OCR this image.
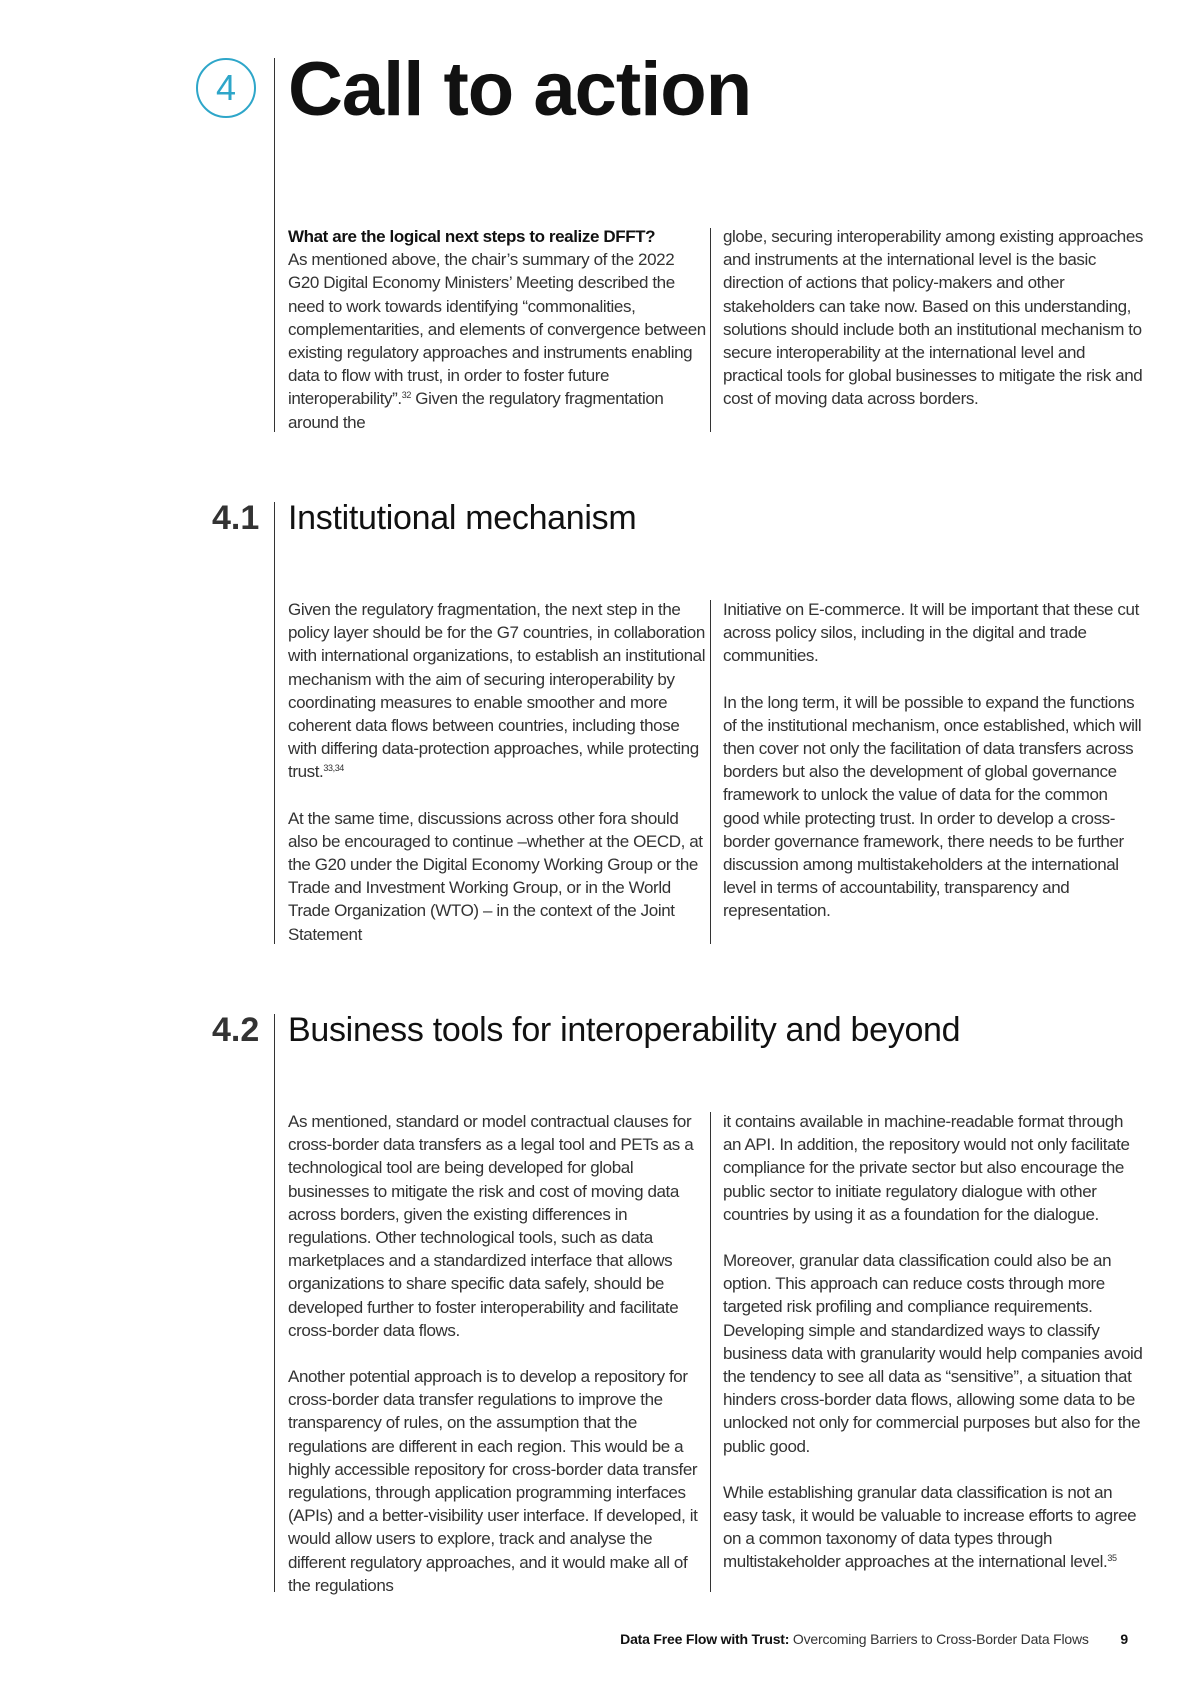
4 Call to action

What are the logical next steps to realize DFFT?
As mentioned above, the chair’s summary of the 2022 G20 Digital Economy Ministers’ Meeting described the need to work towards identifying “commonalities, complementarities, and elements of convergence between existing regulatory approaches and instruments enabling data to flow with trust, in order to foster future interoperability”.$^{32}$ Given the regulatory fragmentation around the

globe, securing interoperability among existing approaches and instruments at the international level is the basic direction of actions that policy-makers and other stakeholders can take now. Based on this understanding, solutions should include both an institutional mechanism to secure interoperability at the international level and practical tools for global businesses to mitigate the risk and cost of moving data across borders.

4.1 Institutional mechanism

Given the regulatory fragmentation, the next step in the policy layer should be for the G7 countries, in collaboration with international organizations, to establish an institutional mechanism with the aim of securing interoperability by coordinating measures to enable smoother and more coherent data flows between countries, including those with differing data-protection approaches, while protecting trust.$^{33,34}$

At the same time, discussions across other fora should also be encouraged to continue –whether at the OECD, at the G20 under the Digital Economy Working Group or the Trade and Investment Working Group, or in the World Trade Organization (WTO) – in the context of the Joint Statement

Initiative on E-commerce. It will be important that these cut across policy silos, including in the digital and trade communities.

In the long term, it will be possible to expand the functions of the institutional mechanism, once established, which will then cover not only the facilitation of data transfers across borders but also the development of global governance framework to unlock the value of data for the common good while protecting trust. In order to develop a cross-border governance framework, there needs to be further discussion among multistakeholders at the international level in terms of accountability, transparency and representation.

4.2 Business tools for interoperability and beyond

As mentioned, standard or model contractual clauses for cross-border data transfers as a legal tool and PETs as a technological tool are being developed for global businesses to mitigate the risk and cost of moving data across borders, given the existing differences in regulations. Other technological tools, such as data marketplaces and a standardized interface that allows organizations to share specific data safely, should be developed further to foster interoperability and facilitate cross-border data flows.

Another potential approach is to develop a repository for cross-border data transfer regulations to improve the transparency of rules, on the assumption that the regulations are different in each region. This would be a highly accessible repository for cross-border data transfer regulations, through application programming interfaces (APIs) and a better-visibility user interface. If developed, it would allow users to explore, track and analyse the different regulatory approaches, and it would make all of the regulations

it contains available in machine-readable format through an API. In addition, the repository would not only facilitate compliance for the private sector but also encourage the public sector to initiate regulatory dialogue with other countries by using it as a foundation for the dialogue.

Moreover, granular data classification could also be an option. This approach can reduce costs through more targeted risk profiling and compliance requirements. Developing simple and standardized ways to classify business data with granularity would help companies avoid the tendency to see all data as “sensitive”, a situation that hinders cross-border data flows, allowing some data to be unlocked not only for commercial purposes but also for the public good.

While establishing granular data classification is not an easy task, it would be valuable to increase efforts to agree on a common taxonomy of data types through multistakeholder approaches at the international level.$^{35}$

Data Free Flow with Trust: Overcoming Barriers to Cross-Border Data Flows 9
